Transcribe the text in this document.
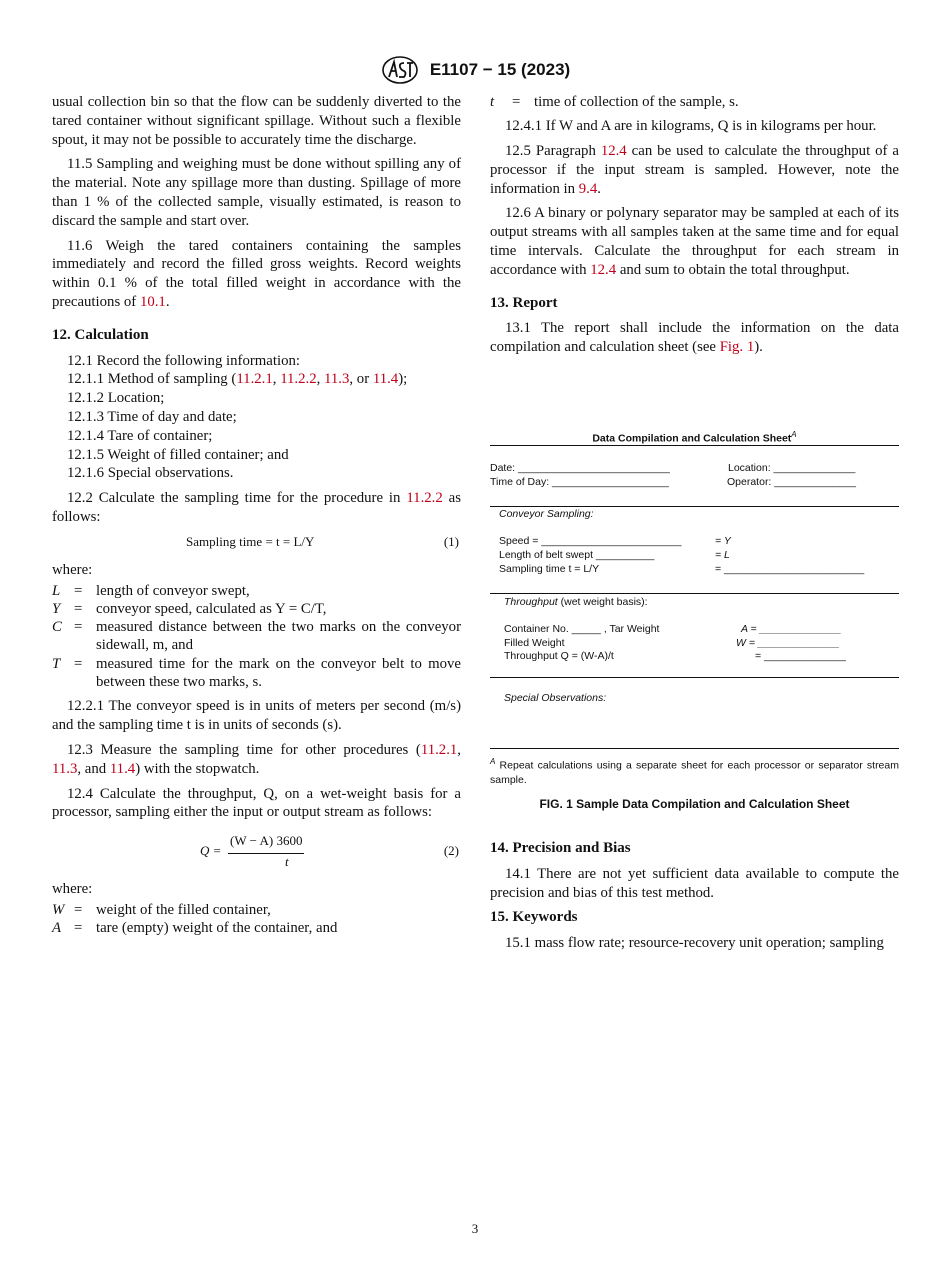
E1107 − 15 (2023)

usual collection bin so that the flow can be suddenly diverted to the tared container without significant spillage. Without such a flexible spout, it may not be possible to accurately time the discharge.

11.5 Sampling and weighing must be done without spilling any of the material. Note any spillage more than dusting. Spillage of more than 1 % of the collected sample, visually estimated, is reason to discard the sample and start over.

11.6 Weigh the tared containers containing the samples immediately and record the filled gross weights. Record weights within 0.1 % of the total filled weight in accordance with the precautions of 10.1.

12. Calculation

12.1 Record the following information:

12.1.1 Method of sampling (11.2.1, 11.2.2, 11.3, or 11.4);

12.1.2 Location;

12.1.3 Time of day and date;

12.1.4 Tare of container;

12.1.5 Weight of filled container; and

12.1.6 Special observations.

12.2 Calculate the sampling time for the procedure in 11.2.2 as follows:

Sampling time = t = L/Y	(1)

where:

L = length of conveyor swept,
Y = conveyor speed, calculated as Y = C/T,
C = measured distance between the two marks on the conveyor sidewall, m, and
T = measured time for the mark on the conveyor belt to move between these two marks, s.

12.2.1 The conveyor speed is in units of meters per second (m/s) and the sampling time t is in units of seconds (s).

12.3 Measure the sampling time for other procedures (11.2.1, 11.3, and 11.4) with the stopwatch.

12.4 Calculate the throughput, Q, on a wet-weight basis for a processor, sampling either the input or output stream as follows:

Q =
(W − A) 3600
t
(2)

where:

W = weight of the filled container,
A = tare (empty) weight of the container, and
t	= time of collection of the sample, s.

12.4.1 If W and A are in kilograms, Q is in kilograms per hour.

12.5 Paragraph 12.4 can be used to calculate the throughput of a processor if the input stream is sampled. However, note the information in 9.4.

12.6 A binary or polynary separator may be sampled at each of its output streams with all samples taken at the same time and for equal time intervals. Calculate the throughput for each stream in accordance with 12.4 and sum to obtain the total throughput.

13. Report

13.1 The report shall include the information on the data compilation and calculation sheet (see Fig. 1).

Data Compilation and Calculation Sheet$^A$
Date: __________________________	Location: ______________
Time of Day: ____________________	Operator: ______________
Conveyor Sampling:
Speed = ________________________	= Y
Length of belt swept __________	= L
Sampling time t = L/Y	= ________________________
Throughput (wet weight basis):
Container No. _____ , Tar Weight	A = ______________
Filled Weight	W = ______________
Throughput Q = (W-A)/t	= ______________
Special Observations:
$^A$ Repeat calculations using a separate sheet for each processor or separator stream sample.
FIG. 1 Sample Data Compilation and Calculation Sheet
14. Precision and Bias

14.1 There are not yet sufficient data available to compute the precision and bias of this test method.

15. Keywords

15.1 mass flow rate; resource-recovery unit operation; sampling

3
